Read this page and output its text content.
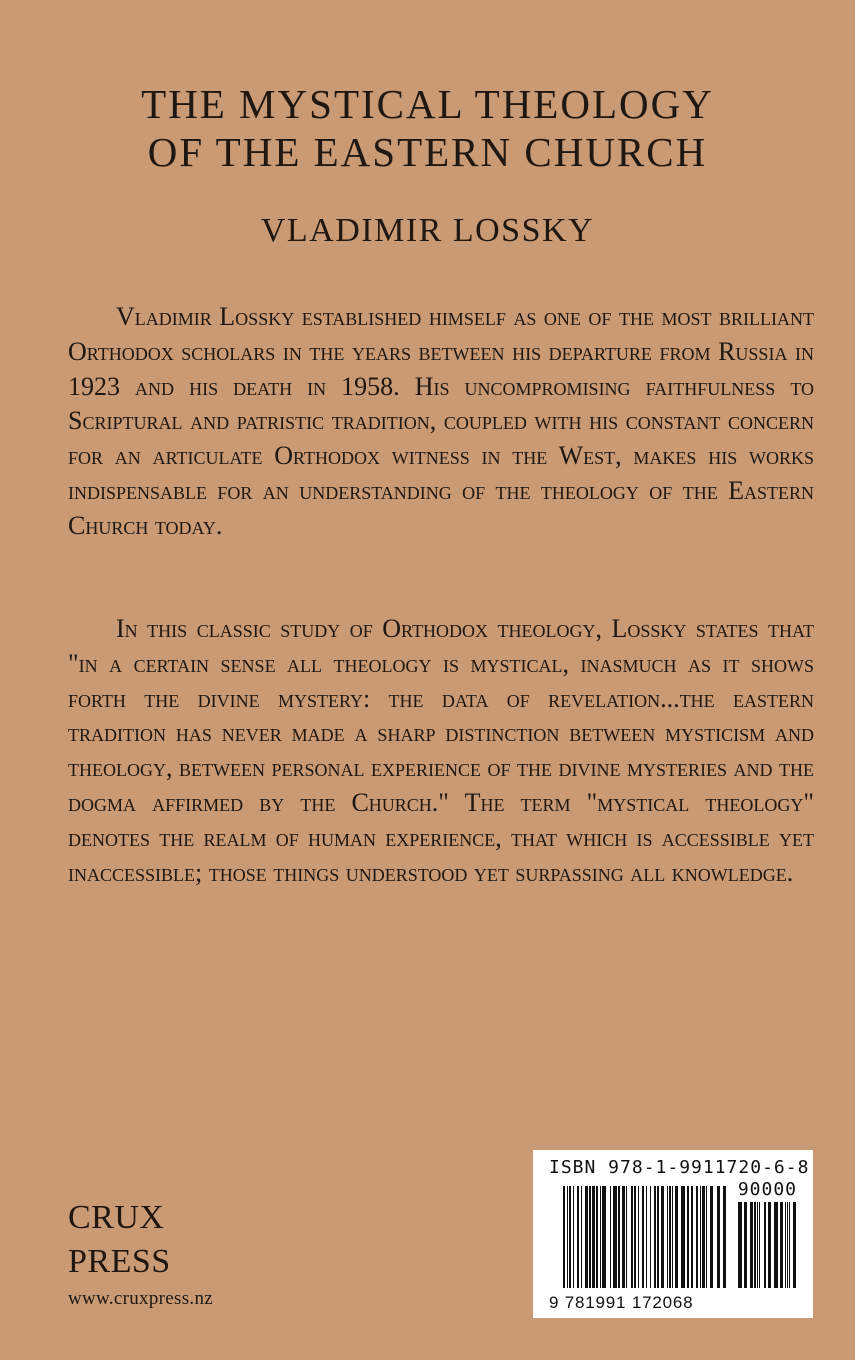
THE MYSTICAL THEOLOGY
OF THE EASTERN CHURCH
VLADIMIR LOSSKY

Vladimir Lossky established himself as one of the most brilliant Orthodox scholars in the years between his departure from Russia in 1923 and his death in 1958. His uncompromising faithfulness to Scriptural and patristic tradition, coupled with his constant concern for an articulate Orthodox witness in the West, makes his works indispensable for an understanding of the theology of the Eastern Church today.

In this classic study of Orthodox theology, Lossky states that "in a certain sense all theology is mystical, inasmuch as it shows forth the divine mystery: the data of revelation...the eastern tradition has never made a sharp distinction between mysticism and theology, between personal experience of the divine mysteries and the dogma affirmed by the Church." The term "mystical theology" denotes the realm of human experience, that which is accessible yet inaccessible; those things understood yet surpassing all knowledge.

CRUX
PRESS
www.cruxpress.nz
ISBN 978-1-9911720-6-8
90000
9 781991 172068
